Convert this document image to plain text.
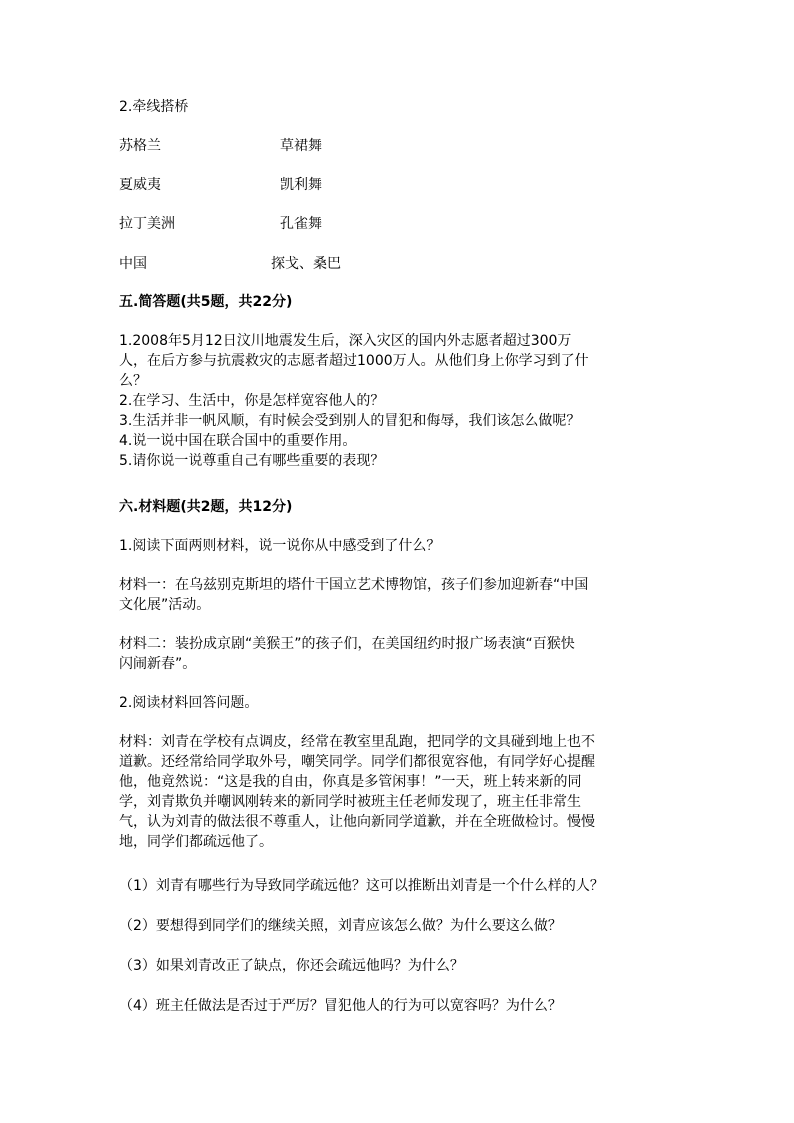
2.牵线搭桥
苏格兰	草裙舞
夏威夷	凯利舞
拉丁美洲	孔雀舞
中国	探戈、桑巴
五.简答题(共5题，共22分)
1.2008年5月12日汶川地震发生后，深入灾区的国内外志愿者超过300万
人，在后方参与抗震救灾的志愿者超过1000万人。从他们身上你学习到了什
么？
2.在学习、生活中，你是怎样宽容他人的？
3.生活并非一帆风顺，有时候会受到别人的冒犯和侮辱，我们该怎么做呢？
4.说一说中国在联合国中的重要作用。
5.请你说一说尊重自己有哪些重要的表现？
六.材料题(共2题，共12分)
1.阅读下面两则材料，说一说你从中感受到了什么？
材料一：在乌兹别克斯坦的塔什干国立艺术博物馆，孩子们参加迎新春“中国
文化展”活动。
材料二：装扮成京剧“美猴王”的孩子们，在美国纽约时报广场表演“百猴快
闪闹新春”。
2.阅读材料回答问题。
材料：刘青在学校有点调皮，经常在教室里乱跑，把同学的文具碰到地上也不
道歉。还经常给同学取外号，嘲笑同学。同学们都很宽容他，有同学好心提醒
他，他竟然说：“这是我的自由，你真是多管闲事！”一天，班上转来新的同
学，刘青欺负并嘲讽刚转来的新同学时被班主任老师发现了，班主任非常生
气，认为刘青的做法很不尊重人，让他向新同学道歉，并在全班做检讨。慢慢
地，同学们都疏远他了。
（1）刘青有哪些行为导致同学疏远他？这可以推断出刘青是一个什么样的人？
（2）要想得到同学们的继续关照，刘青应该怎么做？为什么要这么做？
（3）如果刘青改正了缺点，你还会疏远他吗？为什么？
（4）班主任做法是否过于严厉？冒犯他人的行为可以宽容吗？为什么？
